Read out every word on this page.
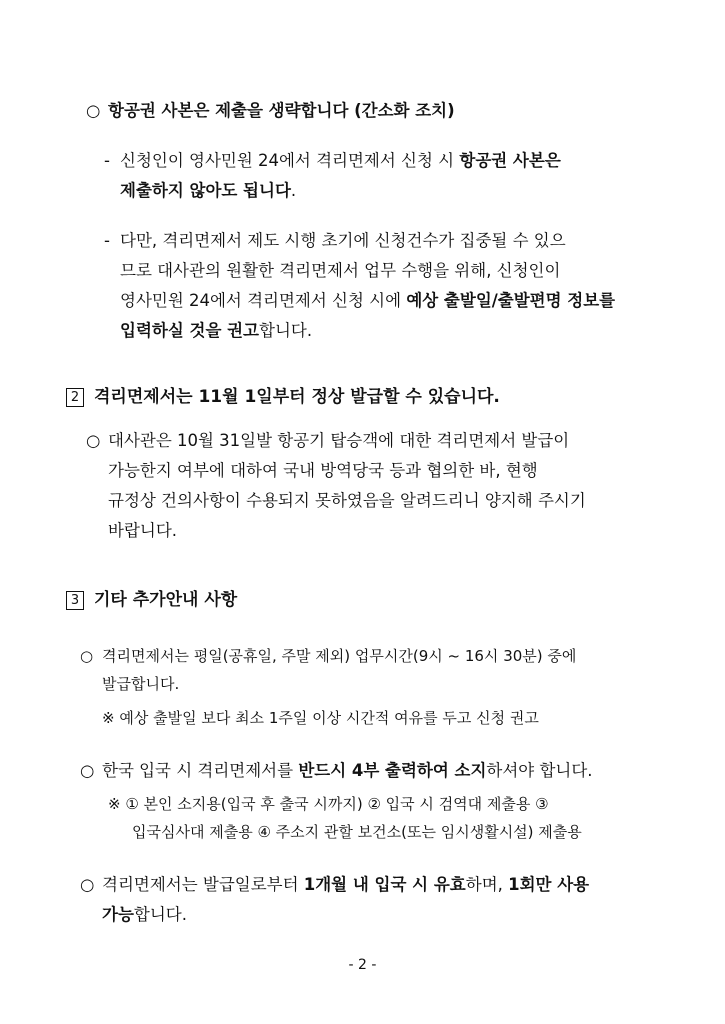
○ 항공권 사본은 제출을 생략합니다 (간소화 조치)
- 신청인이 영사민원 24에서 격리면제서 신청 시 항공권 사본은
제출하지 않아도 됩니다.
- 다만, 격리면제서 제도 시행 초기에 신청건수가 집중될 수 있으
므로 대사관의 원활한 격리면제서 업무 수행을 위해, 신청인이
영사민원 24에서 격리면제서 신청 시에 예상 출발일/출발편명 정보를
입력하실 것을 권고합니다.
2 격리면제서는 11월 1일부터 정상 발급할 수 있습니다.
○ 대사관은 10월 31일발 항공기 탑승객에 대한 격리면제서 발급이
가능한지 여부에 대하여 국내 방역당국 등과 협의한 바, 현행
규정상 건의사항이 수용되지 못하였음을 알려드리니 양지해 주시기
바랍니다.
3 기타 추가안내 사항
○ 격리면제서는 평일(공휴일, 주말 제외) 업무시간(9시 ~ 16시 30분) 중에
발급합니다.
※ 예상 출발일 보다 최소 1주일 이상 시간적 여유를 두고 신청 권고
○ 한국 입국 시 격리면제서를 반드시 4부 출력하여 소지하셔야 합니다.
※ ① 본인 소지용(입국 후 출국 시까지) ② 입국 시 검역대 제출용 ③
입국심사대 제출용 ④ 주소지 관할 보건소(또는 임시생활시설) 제출용
○ 격리면제서는 발급일로부터 1개월 내 입국 시 유효하며, 1회만 사용
가능합니다.
- 2 -
